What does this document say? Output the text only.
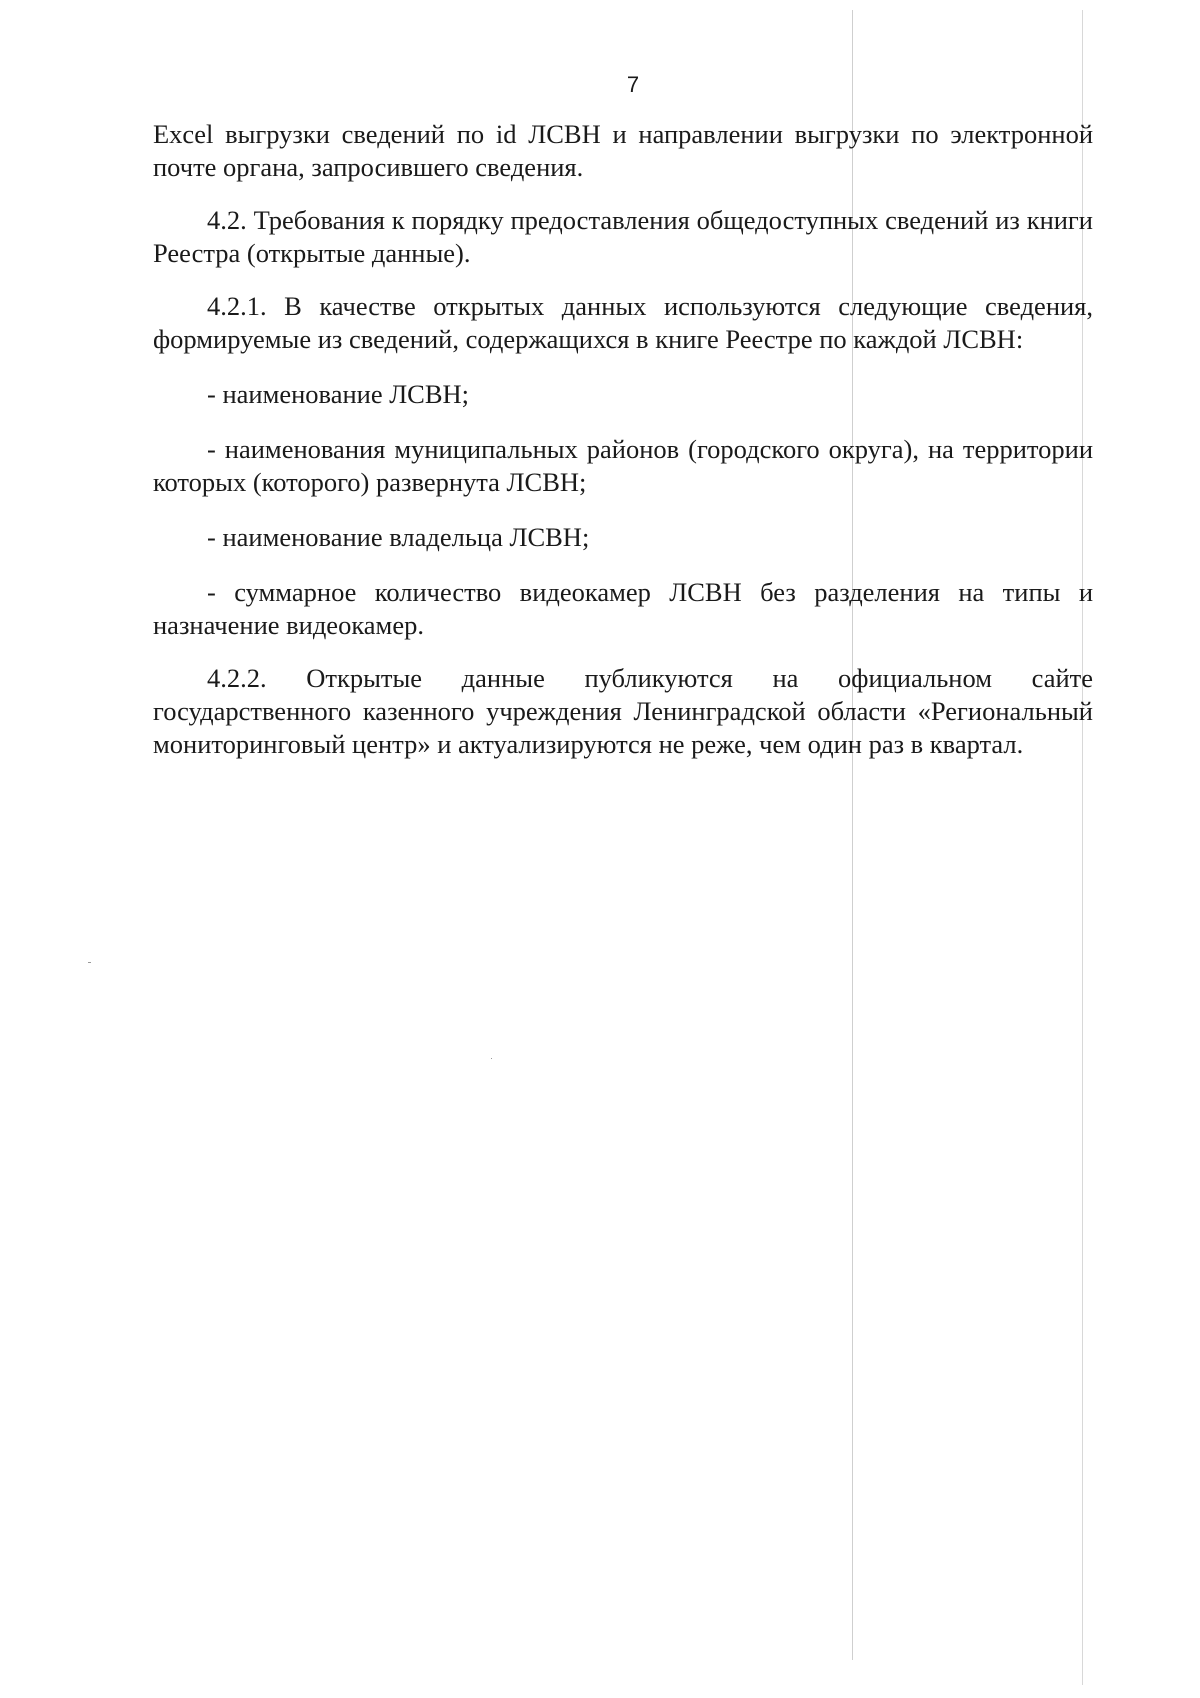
7

Excel выгрузки сведений по id ЛСВН и направлении выгрузки по электронной почте органа, запросившего сведения.

4.2. Требования к порядку предоставления общедоступных сведений из книги Реестра (открытые данные).

4.2.1. В качестве открытых данных используются следующие сведения, формируемые из сведений, содержащихся в книге Реестре по каждой ЛСВН:

- наименование ЛСВН;

- наименования муниципальных районов (городского округа), на территории которых (которого) развернута ЛСВН;

- наименование владельца ЛСВН;

- суммарное количество видеокамер ЛСВН без разделения на типы и назначение видеокамер.

4.2.2. Открытые данные публикуются на официальном сайте государственного казенного учреждения Ленинградской области «Региональный мониторинговый центр» и актуализируются не реже, чем один раз в квартал.
